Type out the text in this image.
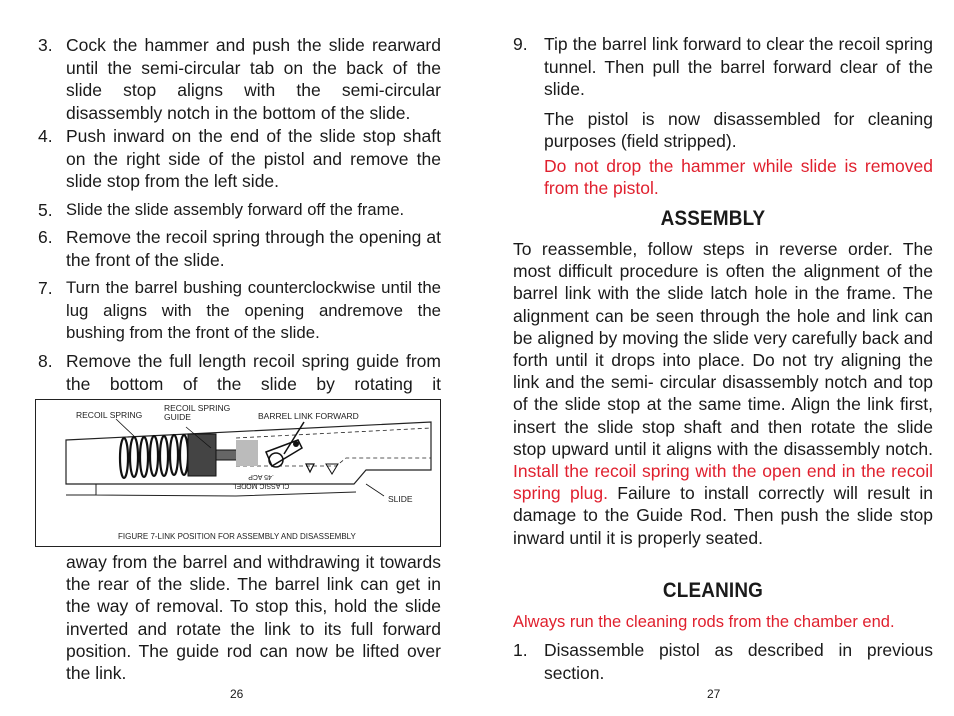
3. Cock the hammer and push the slide rearward until the semi-circular tab on the back of the slide stop aligns with the semi-circular disassembly notch in the bottom of the slide.
4. Push inward on the end of the slide stop shaft on the right side of the pistol and remove the slide stop from the left side.
5. Slide the slide assembly forward off the frame.
6. Remove the recoil spring through the opening at the front of the slide.
7. Turn the barrel bushing counterclockwise until the lug aligns with the opening andremove the bushing from the front of the slide.
8. Remove the full length recoil spring guide from the bottom of the slide by rotating it
RECOIL SPRING
RECOIL SPRING GUIDE	BARREL LINK FORWARD
SLIDE
CLASSIC MODEL .45 ACP
FIGURE 7-LINK POSITION FOR ASSEMBLY AND DISASSEMBLY
away from the barrel and withdrawing it towards the rear of the slide. The barrel link can get in the way of removal. To stop this, hold the slide inverted and rotate the link to its full forward position. The guide rod can now be lifted over the link.
26
9. Tip the barrel link forward to clear the recoil spring tunnel. Then pull the barrel forward clear of the slide.
The pistol is now disassembled for cleaning purposes (field stripped).
Do not drop the hammer while slide is removed from the pistol.
ASSEMBLY
To reassemble, follow steps in reverse order. The most difficult procedure is often the alignment of the barrel link with the slide latch hole in the frame. The alignment can be seen through the hole and link can be aligned by moving the slide very carefully back and forth until it drops into place. Do not try aligning the link and the semi- circular disassembly notch and top of the slide stop at the same time. Align the link first, insert the slide stop shaft and then rotate the slide stop upward until it aligns with the disassembly notch. Install the recoil spring with the open end in the recoil spring plug. Failure to install correctly will result in damage to the Guide Rod. Then push the slide stop inward until it is properly seated.
CLEANING
Always run the cleaning rods from the chamber end.
1. Disassemble pistol as described in previous section.
27
